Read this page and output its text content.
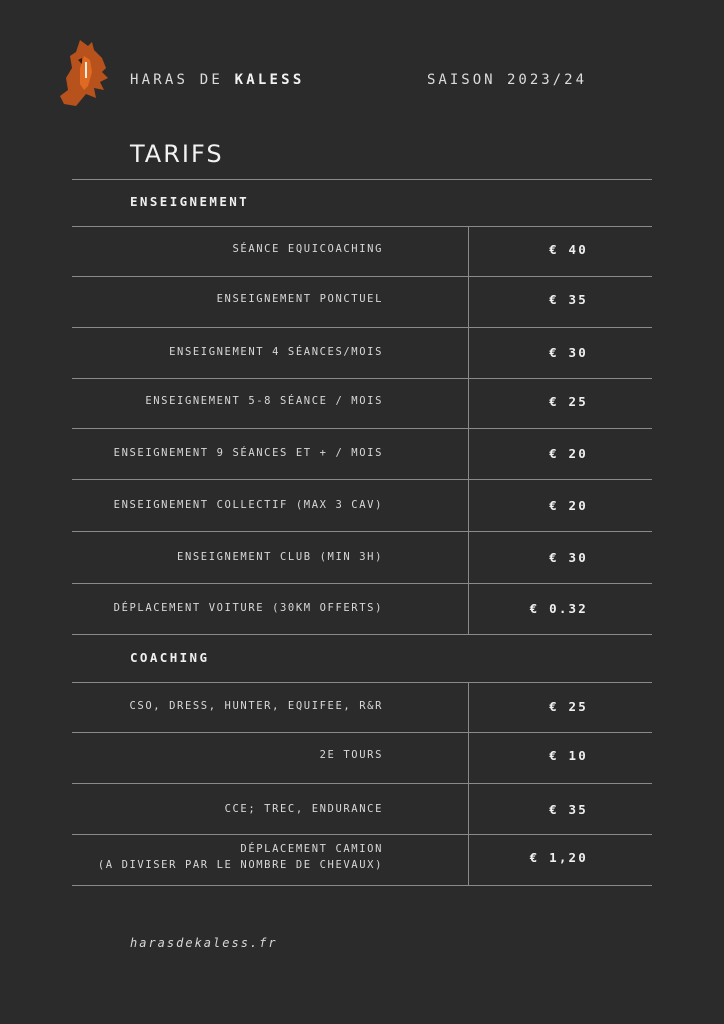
HARAS DE KALESS	SAISON 2023/24
TARIFS
ENSEIGNEMENT
SÉANCE EQUICOACHING	€ 40
ENSEIGNEMENT PONCTUEL	€ 35
ENSEIGNEMENT 4 SÉANCES/MOIS	€ 30
ENSEIGNEMENT 5-8 SÉANCE / MOIS	€ 25
ENSEIGNEMENT 9 SÉANCES ET + / MOIS	€ 20
ENSEIGNEMENT COLLECTIF (MAX 3 CAV)	€ 20
ENSEIGNEMENT CLUB (MIN 3H)	€ 30
DÉPLACEMENT VOITURE (30KM OFFERTS)	€ 0.32
COACHING
CSO, DRESS, HUNTER, EQUIFEE, R&R	€ 25
2E TOURS	€ 10
CCE; TREC, ENDURANCE	€ 35
DÉPLACEMENT CAMION
(A DIVISER PAR LE NOMBRE DE CHEVAUX)	€ 1,20
harasdekaless.fr
